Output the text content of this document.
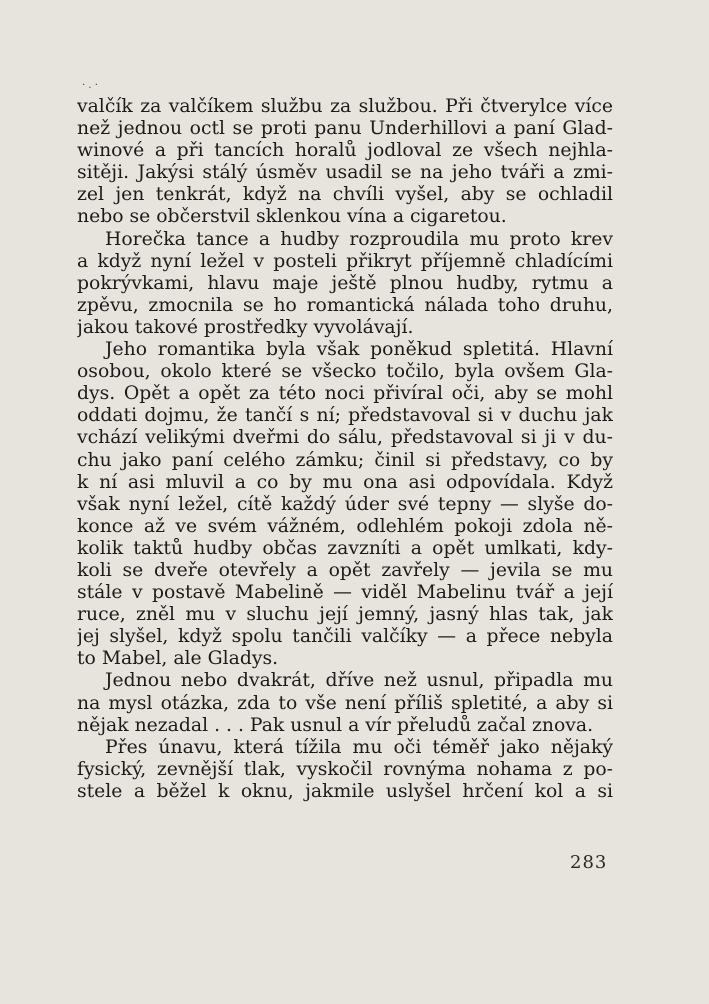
· . ·
valčík za valčíkem službu za službou. Při čtverylce více
než jednou octl se proti panu Underhillovi a paní Glad-
winové a při tancích horalů jodloval ze všech nejhla-
sitěji. Jakýsi stálý úsměv usadil se na jeho tváři a zmi-
zel jen tenkrát, když na chvíli vyšel, aby se ochladil
nebo se občerstvil sklenkou vína a cigaretou.
Horečka tance a hudby rozproudila mu proto krev
a když nyní ležel v posteli přikryt příjemně chladícími
pokrývkami, hlavu maje ještě plnou hudby, rytmu a
zpěvu, zmocnila se ho romantická nálada toho druhu,
jakou takové prostředky vyvolávají.
Jeho romantika byla však poněkud spletitá. Hlavní
osobou, okolo které se všecko točilo, byla ovšem Gla-
dys. Opět a opět za této noci přivíral oči, aby se mohl
oddati dojmu, že tančí s ní; představoval si v duchu jak
vchází velikými dveřmi do sálu, představoval si ji v du-
chu jako paní celého zámku; činil si představy, co by
k ní asi mluvil a co by mu ona asi odpovídala. Když
však nyní ležel, cítě každý úder své tepny — slyše do-
konce až ve svém vážném, odlehlém pokoji zdola ně-
kolik taktů hudby občas zavzníti a opět umlkati, kdy-
koli se dveře otevřely a opět zavřely — jevila se mu
stále v postavě Mabelině — viděl Mabelinu tvář a její
ruce, zněl mu v sluchu její jemný, jasný hlas tak, jak
jej slyšel, když spolu tančili valčíky — a přece nebyla
to Mabel, ale Gladys.
Jednou nebo dvakrát, dříve než usnul, připadla mu
na mysl otázka, zda to vše není příliš spletité, a aby si
nějak nezadal . . . Pak usnul a vír přeludů začal znova.
Přes únavu, která tížila mu oči téměř jako nějaký
fysický, zevnější tlak, vyskočil rovnýma nohama z po-
stele a běžel k oknu, jakmile uslyšel hrčení kol a si
283
